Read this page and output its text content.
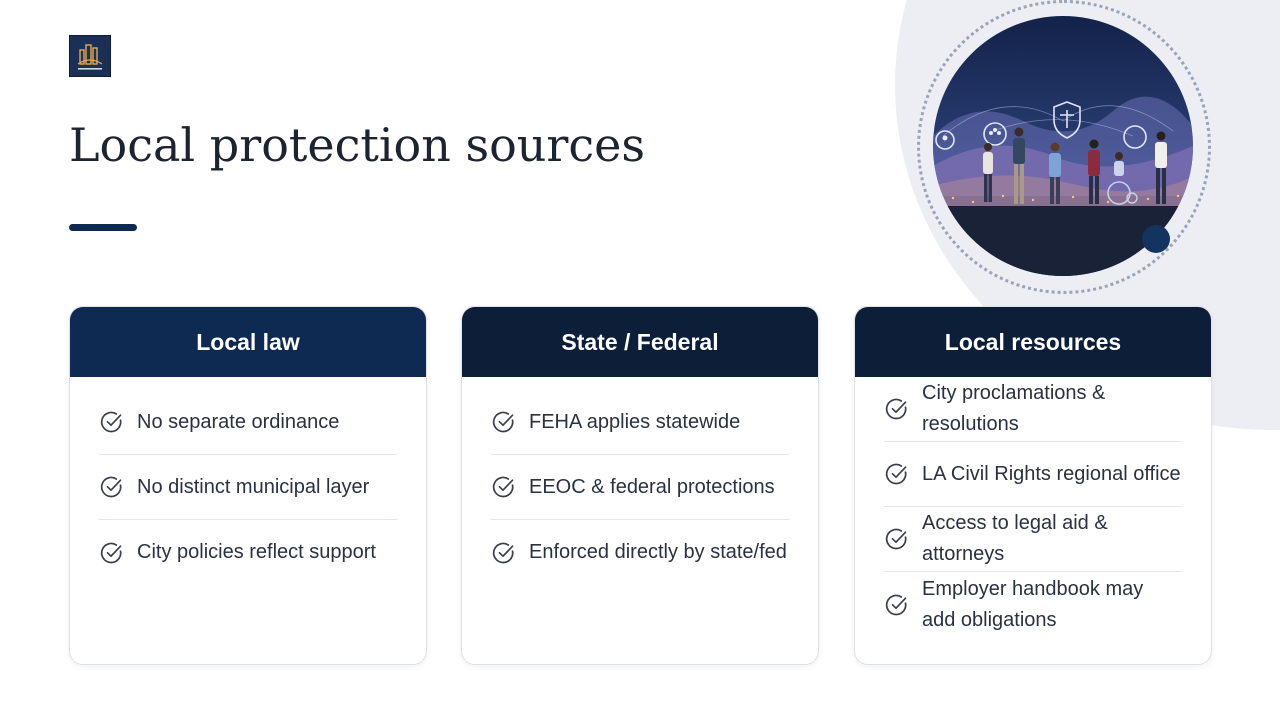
Local protection sources
Local law
No separate ordinance
No distinct municipal layer
City policies reflect support
State / Federal
FEHA applies statewide
EEOC & federal protections
Enforced directly by state/fed
Local resources
City proclamations & resolutions
LA Civil Rights regional office
Access to legal aid & attorneys
Employer handbook may add obligations
